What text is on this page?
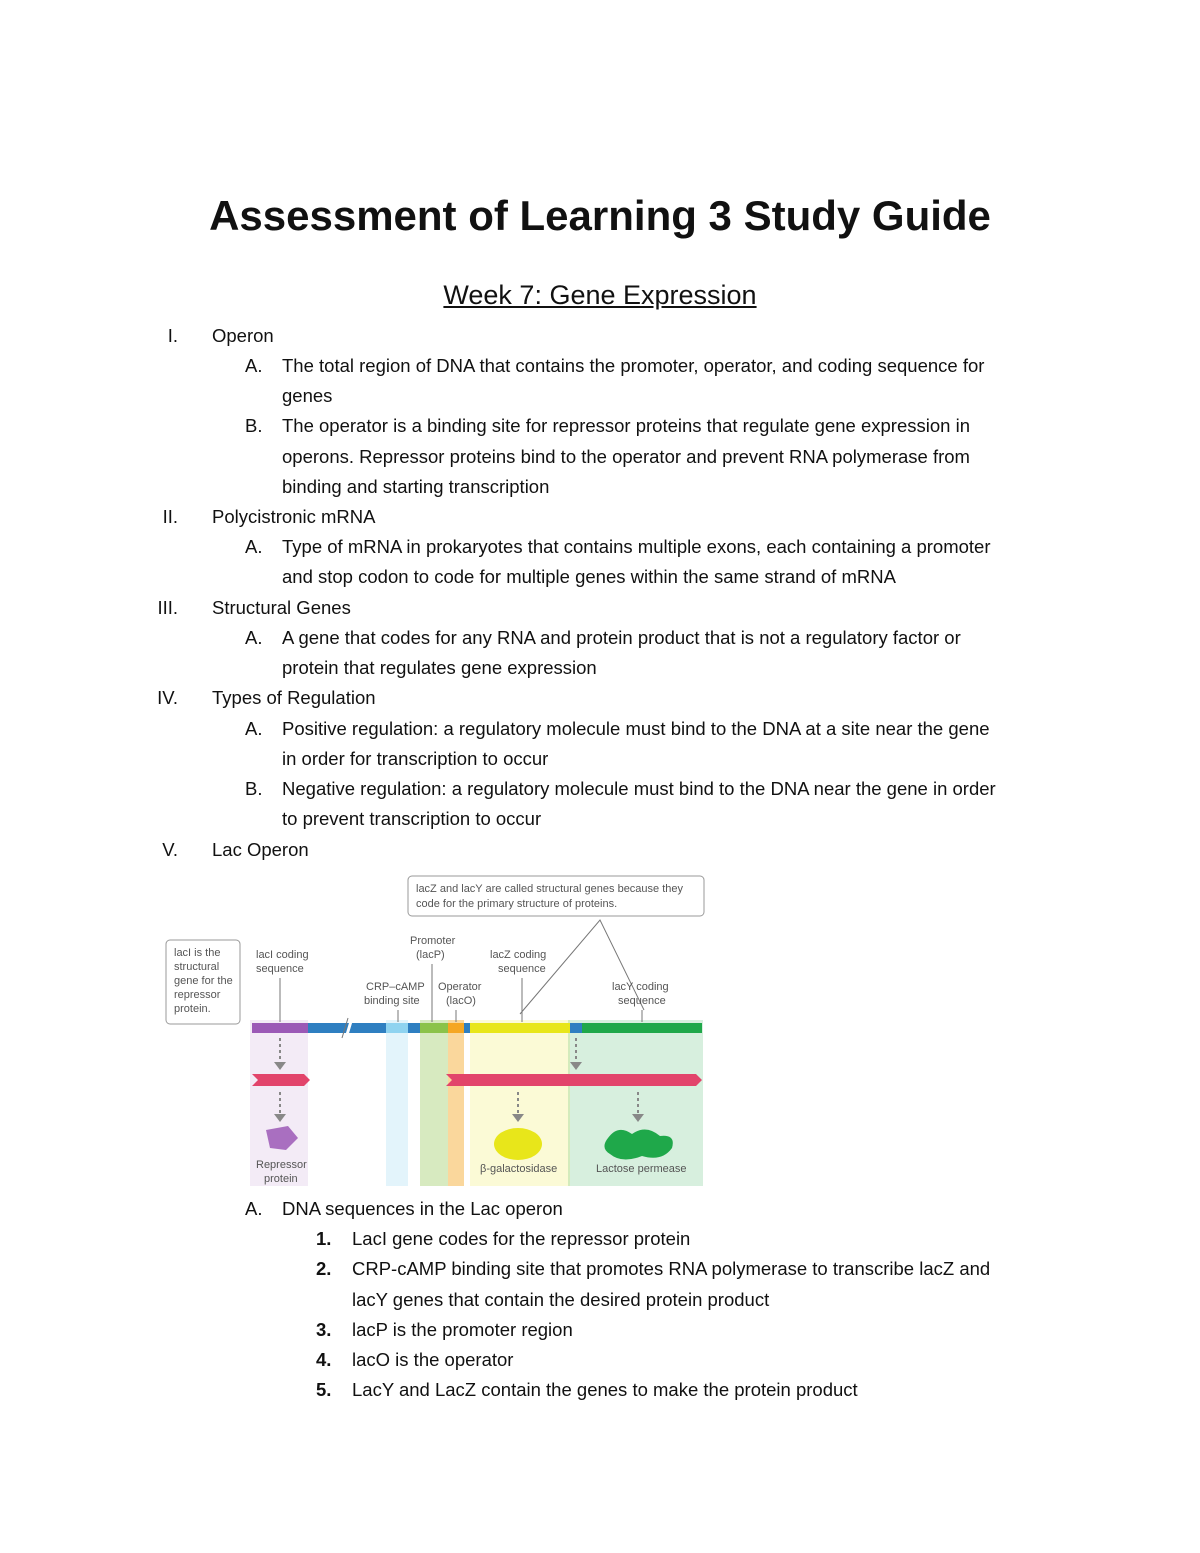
Assessment of Learning 3 Study Guide
Week 7: Gene Expression
I. Operon
A.	The total region of DNA that contains the promoter, operator, and coding sequence for
genes
B.	The operator is a binding site for repressor proteins that regulate gene expression in
operons. Repressor proteins bind to the operator and prevent RNA polymerase from
binding and starting transcription
II. Polycistronic mRNA
A.	Type of mRNA in prokaryotes that contains multiple exons, each containing a promoter
and stop codon to code for multiple genes within the same strand of mRNA
III. Structural Genes
A.	A gene that codes for any RNA and protein product that is not a regulatory factor or
protein that regulates gene expression
IV. Types of Regulation
A.	Positive regulation: a regulatory molecule must bind to the DNA at a site near the gene
in order for transcription to occur
B.	Negative regulation: a regulatory molecule must bind to the DNA near the gene in order
to prevent transcription to occur
V. Lac Operon
lacZ and lacY are called structural genes because they
code for the primary structure of proteins.
lacI is the
structural
gene for the
repressor
protein.
lacI coding
sequence
Promoter
(lacP)	lacZ coding
sequence
CRP–cAMP
binding site
Operator
(lacO)
lacY coding
sequence
Repressor
protein
β-galactosidase	Lactose permease
A.	DNA sequences in the Lac operon
1.	LacI gene codes for the repressor protein
2.	CRP-cAMP binding site that promotes RNA polymerase to transcribe lacZ and
lacY genes that contain the desired protein product
3.	lacP is the promoter region
4.	lacO is the operator
5.	LacY and LacZ contain the genes to make the protein product
